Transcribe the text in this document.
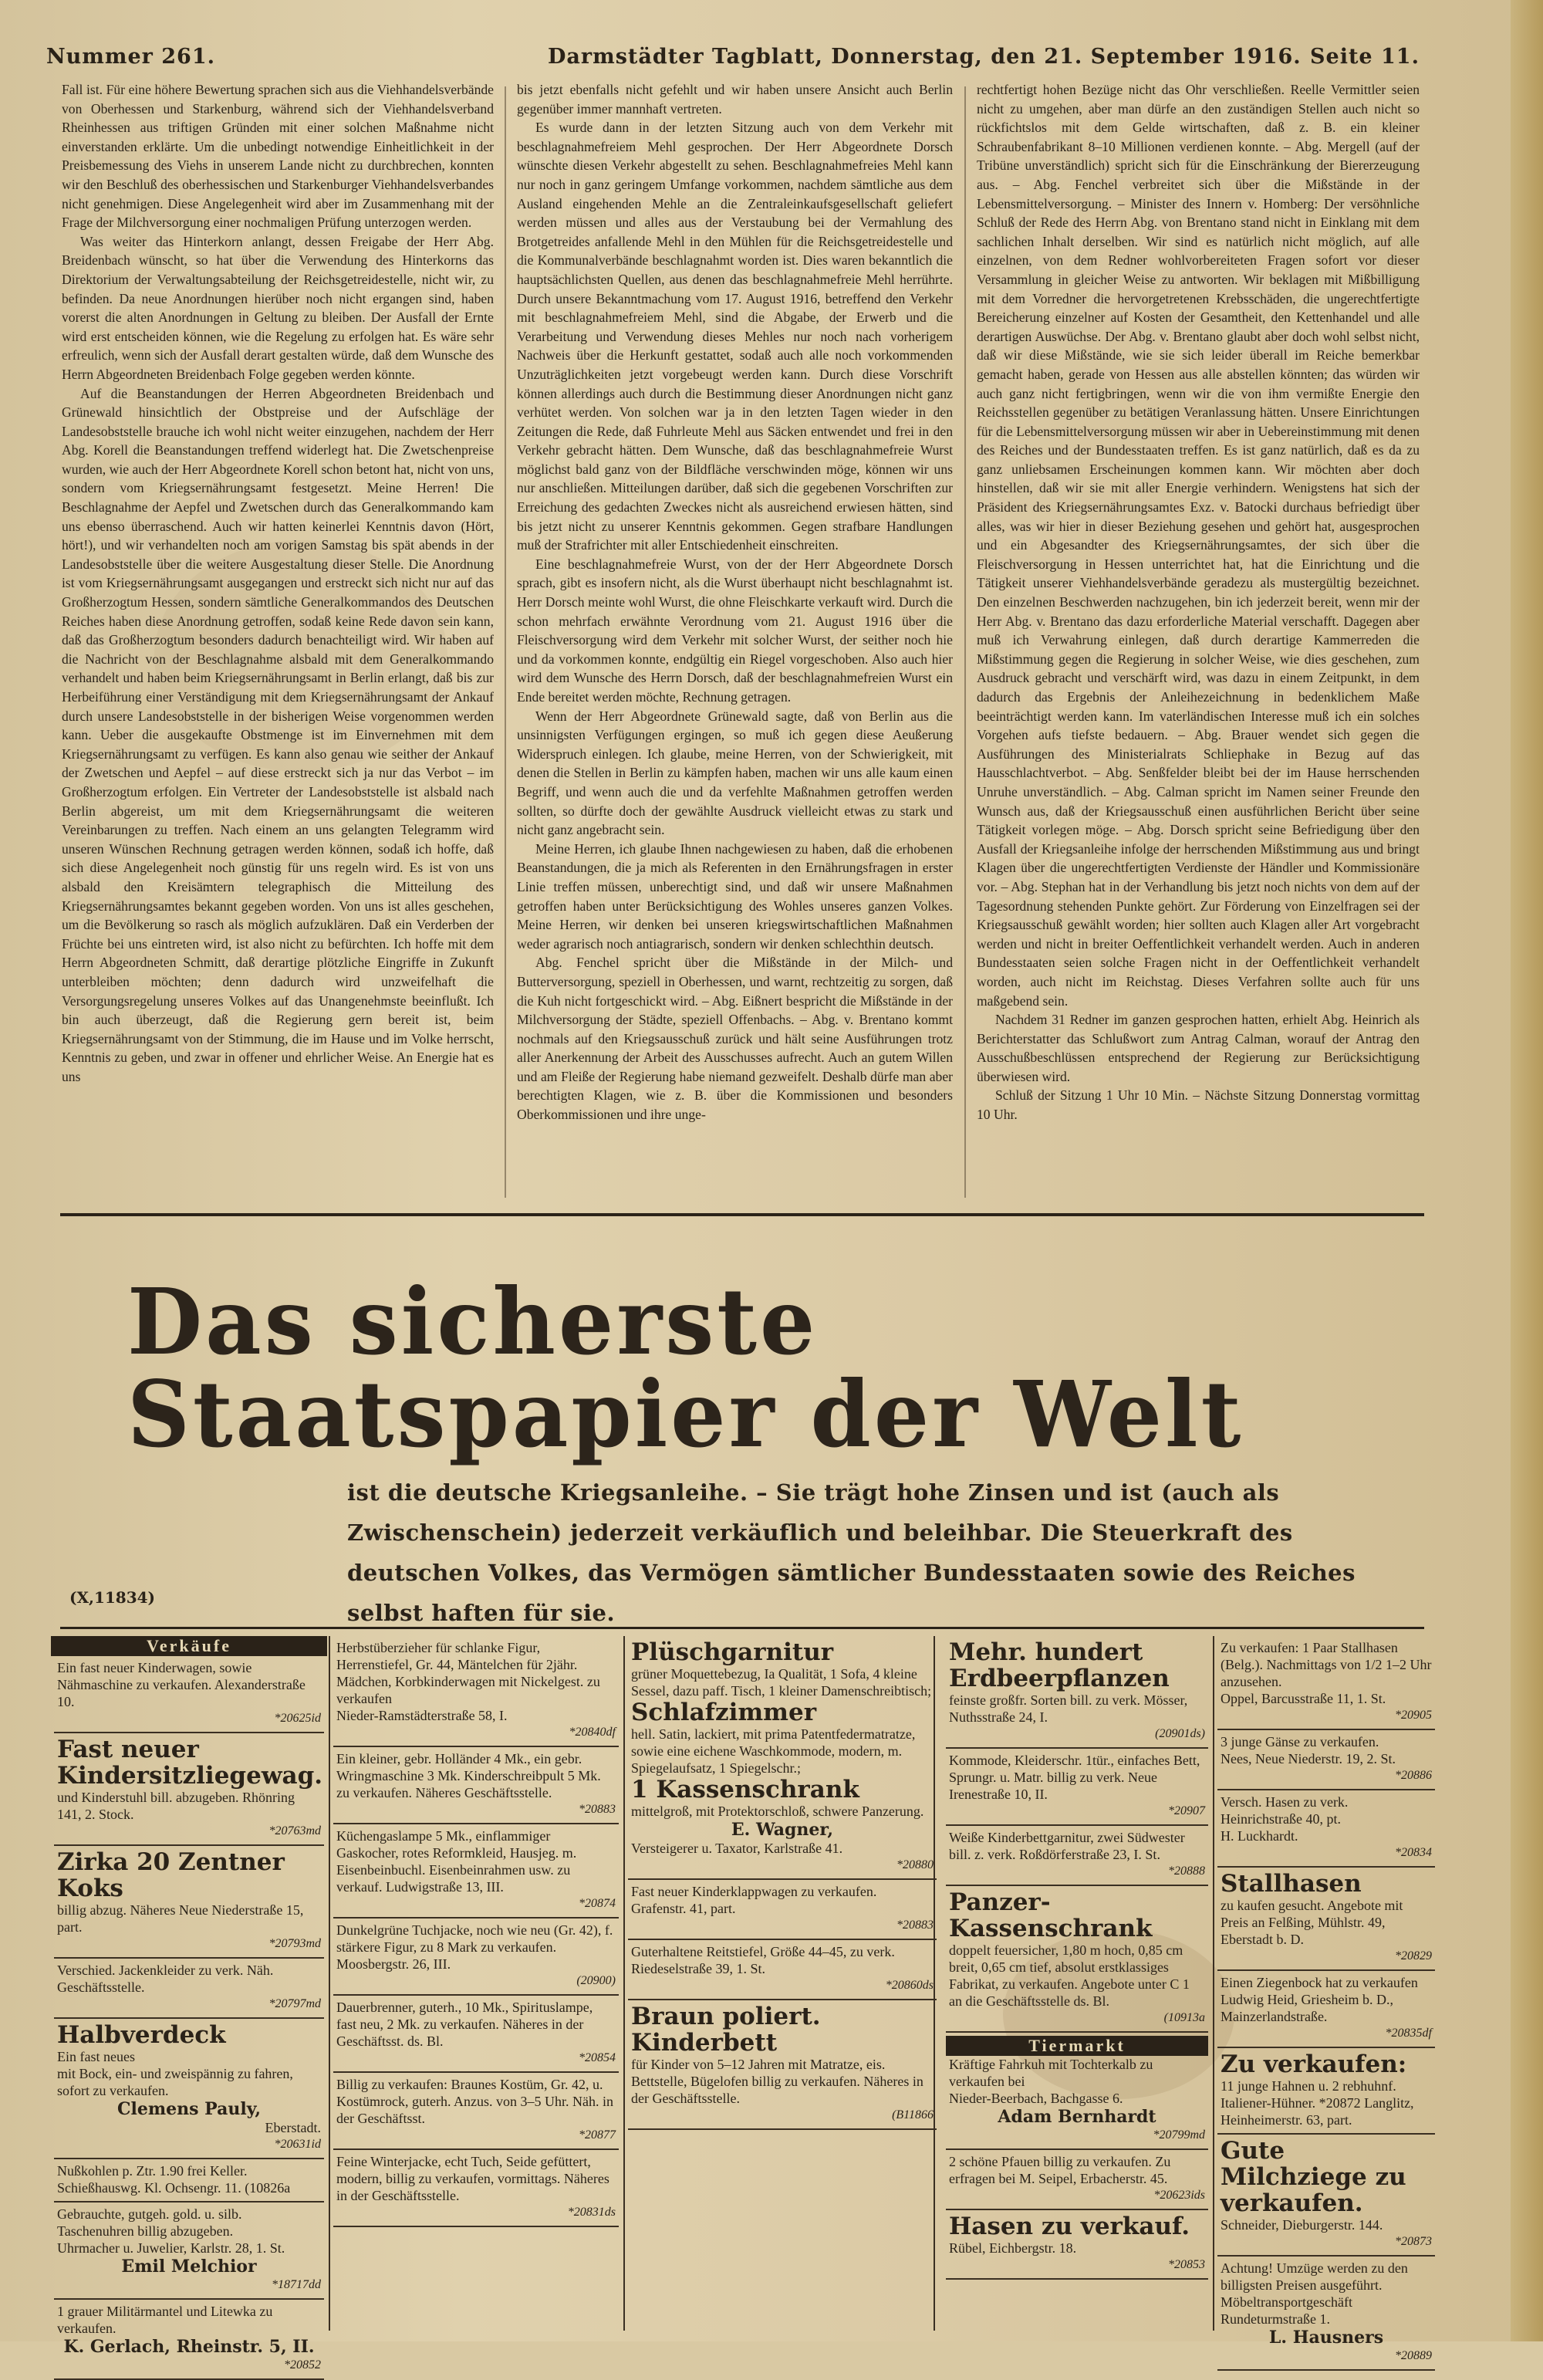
Nummer 261.	Darmstädter Tagblatt, Donnerstag, den 21. September 1916. Seite 11.

Fall ist. Für eine höhere Bewertung sprachen sich aus die Viehhandelsverbände von Oberhessen und Starkenburg, während sich der Viehhandelsverband Rheinhessen aus triftigen Gründen mit einer solchen Maßnahme nicht einverstanden erklärte. Um die unbedingt notwendige Einheitlichkeit in der Preisbemessung des Viehs in unserem Lande nicht zu durchbrechen, konnten wir den Beschluß des oberhessischen und Starkenburger Viehhandelsverbandes nicht genehmigen. Diese Angelegenheit wird aber im Zusammenhang mit der Frage der Milchversorgung einer nochmaligen Prüfung unterzogen werden.

Was weiter das Hinterkorn anlangt, dessen Freigabe der Herr Abg. Breidenbach wünscht, so hat über die Verwendung des Hinterkorns das Direktorium der Verwaltungsabteilung der Reichsgetreidestelle, nicht wir, zu befinden. Da neue Anordnungen hierüber noch nicht ergangen sind, haben vorerst die alten Anordnungen in Geltung zu bleiben. Der Ausfall der Ernte wird erst entscheiden können, wie die Regelung zu erfolgen hat. Es wäre sehr erfreulich, wenn sich der Ausfall derart gestalten würde, daß dem Wunsche des Herrn Abgeordneten Breidenbach Folge gegeben werden könnte.

Auf die Beanstandungen der Herren Abgeordneten Breidenbach und Grünewald hinsichtlich der Obstpreise und der Aufschläge der Landesobststelle brauche ich wohl nicht weiter einzugehen, nachdem der Herr Abg. Korell die Beanstandungen treffend widerlegt hat. Die Zwetschenpreise wurden, wie auch der Herr Abgeordnete Korell schon betont hat, nicht von uns, sondern vom Kriegsernährungsamt festgesetzt. Meine Herren! Die Beschlagnahme der Aepfel und Zwetschen durch das Generalkommando kam uns ebenso überraschend. Auch wir hatten keinerlei Kenntnis davon (Hört, hört!), und wir verhandelten noch am vorigen Samstag bis spät abends in der Landesobststelle über die weitere Ausgestaltung dieser Stelle. Die Anordnung ist vom Kriegsernährungsamt ausgegangen und erstreckt sich nicht nur auf das Großherzogtum Hessen, sondern sämtliche Generalkommandos des Deutschen Reiches haben diese Anordnung getroffen, sodaß keine Rede davon sein kann, daß das Großherzogtum besonders dadurch benachteiligt wird. Wir haben auf die Nachricht von der Beschlagnahme alsbald mit dem Generalkommando verhandelt und haben beim Kriegsernährungsamt in Berlin erlangt, daß bis zur Herbeiführung einer Verständigung mit dem Kriegsernährungsamt der Ankauf durch unsere Landesobststelle in der bisherigen Weise vorgenommen werden kann. Ueber die ausgekaufte Obstmenge ist im Einvernehmen mit dem Kriegsernährungsamt zu verfügen. Es kann also genau wie seither der Ankauf der Zwetschen und Aepfel – auf diese erstreckt sich ja nur das Verbot – im Großherzogtum erfolgen. Ein Vertreter der Landesobststelle ist alsbald nach Berlin abgereist, um mit dem Kriegsernährungsamt die weiteren Vereinbarungen zu treffen. Nach einem an uns gelangten Telegramm wird unseren Wünschen Rechnung getragen werden können, sodaß ich hoffe, daß sich diese Angelegenheit noch günstig für uns regeln wird. Es ist von uns alsbald den Kreisämtern telegraphisch die Mitteilung des Kriegsernährungsamtes bekannt gegeben worden. Von uns ist alles geschehen, um die Bevölkerung so rasch als möglich aufzuklären. Daß ein Verderben der Früchte bei uns eintreten wird, ist also nicht zu befürchten. Ich hoffe mit dem Herrn Abgeordneten Schmitt, daß derartige plötzliche Eingriffe in Zukunft unterbleiben möchten; denn dadurch wird unzweifelhaft die Versorgungsregelung unseres Volkes auf das Unangenehmste beeinflußt. Ich bin auch überzeugt, daß die Regierung gern bereit ist, beim Kriegsernährungsamt von der Stimmung, die im Hause und im Volke herrscht, Kenntnis zu geben, und zwar in offener und ehrlicher Weise. An Energie hat es uns

bis jetzt ebenfalls nicht gefehlt und wir haben unsere Ansicht auch Berlin gegenüber immer mannhaft vertreten.

Es wurde dann in der letzten Sitzung auch von dem Verkehr mit beschlagnahmefreiem Mehl gesprochen. Der Herr Abgeordnete Dorsch wünschte diesen Verkehr abgestellt zu sehen. Beschlagnahmefreies Mehl kann nur noch in ganz geringem Umfange vorkommen, nachdem sämtliche aus dem Ausland eingehenden Mehle an die Zentraleinkaufsgesellschaft geliefert werden müssen und alles aus der Verstaubung bei der Vermahlung des Brotgetreides anfallende Mehl in den Mühlen für die Reichsgetreidestelle und die Kommunalverbände beschlagnahmt worden ist. Dies waren bekanntlich die hauptsächlichsten Quellen, aus denen das beschlagnahmefreie Mehl herrührte. Durch unsere Bekanntmachung vom 17. August 1916, betreffend den Verkehr mit beschlagnahmefreiem Mehl, sind die Abgabe, der Erwerb und die Verarbeitung und Verwendung dieses Mehles nur noch nach vorherigem Nachweis über die Herkunft gestattet, sodaß auch alle noch vorkommenden Unzuträglichkeiten jetzt vorgebeugt werden kann. Durch diese Vorschrift können allerdings auch durch die Bestimmung dieser Anordnungen nicht ganz verhütet werden. Von solchen war ja in den letzten Tagen wieder in den Zeitungen die Rede, daß Fuhrleute Mehl aus Säcken entwendet und frei in den Verkehr gebracht hätten. Dem Wunsche, daß das beschlagnahmefreie Wurst möglichst bald ganz von der Bildfläche verschwinden möge, können wir uns nur anschließen. Mitteilungen darüber, daß sich die gegebenen Vorschriften zur Erreichung des gedachten Zweckes nicht als ausreichend erwiesen hätten, sind bis jetzt nicht zu unserer Kenntnis gekommen. Gegen strafbare Handlungen muß der Strafrichter mit aller Entschiedenheit einschreiten.

Eine beschlagnahmefreie Wurst, von der der Herr Abgeordnete Dorsch sprach, gibt es insofern nicht, als die Wurst überhaupt nicht beschlagnahmt ist. Herr Dorsch meinte wohl Wurst, die ohne Fleischkarte verkauft wird. Durch die schon mehrfach erwähnte Verordnung vom 21. August 1916 über die Fleischversorgung wird dem Verkehr mit solcher Wurst, der seither noch hie und da vorkommen konnte, endgültig ein Riegel vorgeschoben. Also auch hier wird dem Wunsche des Herrn Dorsch, daß der beschlagnahmefreien Wurst ein Ende bereitet werden möchte, Rechnung getragen.

Wenn der Herr Abgeordnete Grünewald sagte, daß von Berlin aus die unsinnigsten Verfügungen ergingen, so muß ich gegen diese Aeußerung Widerspruch einlegen. Ich glaube, meine Herren, von der Schwierigkeit, mit denen die Stellen in Berlin zu kämpfen haben, machen wir uns alle kaum einen Begriff, und wenn auch die und da verfehlte Maßnahmen getroffen werden sollten, so dürfte doch der gewählte Ausdruck vielleicht etwas zu stark und nicht ganz angebracht sein.

Meine Herren, ich glaube Ihnen nachgewiesen zu haben, daß die erhobenen Beanstandungen, die ja mich als Referenten in den Ernährungsfragen in erster Linie treffen müssen, unberechtigt sind, und daß wir unsere Maßnahmen getroffen haben unter Berücksichtigung des Wohles unseres ganzen Volkes. Meine Herren, wir denken bei unseren kriegswirtschaftlichen Maßnahmen weder agrarisch noch antiagrarisch, sondern wir denken schlechthin deutsch.

Abg. Fenchel spricht über die Mißstände in der Milch- und Butterversorgung, speziell in Oberhessen, und warnt, rechtzeitig zu sorgen, daß die Kuh nicht fortgeschickt wird. – Abg. Eißnert bespricht die Mißstände in der Milchversorgung der Städte, speziell Offenbachs. – Abg. v. Brentano kommt nochmals auf den Kriegsausschuß zurück und hält seine Ausführungen trotz aller Anerkennung der Arbeit des Ausschusses aufrecht. Auch an gutem Willen und am Fleiße der Regierung habe niemand gezweifelt. Deshalb dürfe man aber berechtigten Klagen, wie z. B. über die Kommissionen und besonders Oberkommissionen und ihre unge-

rechtfertigt hohen Bezüge nicht das Ohr verschließen. Reelle Vermittler seien nicht zu umgehen, aber man dürfe an den zuständigen Stellen auch nicht so rückfichtslos mit dem Gelde wirtschaften, daß z. B. ein kleiner Schraubenfabrikant 8–10 Millionen verdienen konnte. – Abg. Mergell (auf der Tribüne unverständlich) spricht sich für die Einschränkung der Biererzeugung aus. – Abg. Fenchel verbreitet sich über die Mißstände in der Lebensmittelversorgung. – Minister des Innern v. Homberg: Der versöhnliche Schluß der Rede des Herrn Abg. von Brentano stand nicht in Einklang mit dem sachlichen Inhalt derselben. Wir sind es natürlich nicht möglich, auf alle einzelnen, von dem Redner wohlvorbereiteten Fragen sofort vor dieser Versammlung in gleicher Weise zu antworten. Wir beklagen mit Mißbilligung mit dem Vorredner die hervorgetretenen Krebsschäden, die ungerechtfertigte Bereicherung einzelner auf Kosten der Gesamtheit, den Kettenhandel und alle derartigen Auswüchse. Der Abg. v. Brentano glaubt aber doch wohl selbst nicht, daß wir diese Mißstände, wie sie sich leider überall im Reiche bemerkbar gemacht haben, gerade von Hessen aus alle abstellen könnten; das würden wir auch ganz nicht fertigbringen, wenn wir die von ihm vermißte Energie den Reichsstellen gegenüber zu betätigen Veranlassung hätten. Unsere Einrichtungen für die Lebensmittelversorgung müssen wir aber in Uebereinstimmung mit denen des Reiches und der Bundesstaaten treffen. Es ist ganz natürlich, daß es da zu ganz unliebsamen Erscheinungen kommen kann. Wir möchten aber doch hinstellen, daß wir sie mit aller Energie verhindern. Wenigstens hat sich der Präsident des Kriegsernährungsamtes Exz. v. Batocki durchaus befriedigt über alles, was wir hier in dieser Beziehung gesehen und gehört hat, ausgesprochen und ein Abgesandter des Kriegsernährungsamtes, der sich über die Fleischversorgung in Hessen unterrichtet hat, hat die Einrichtung und die Tätigkeit unserer Viehhandelsverbände geradezu als mustergültig bezeichnet. Den einzelnen Beschwerden nachzugehen, bin ich jederzeit bereit, wenn mir der Herr Abg. v. Brentano das dazu erforderliche Material verschafft. Dagegen aber muß ich Verwahrung einlegen, daß durch derartige Kammerreden die Mißstimmung gegen die Regierung in solcher Weise, wie dies geschehen, zum Ausdruck gebracht und verschärft wird, was dazu in einem Zeitpunkt, in dem dadurch das Ergebnis der Anleihezeichnung in bedenklichem Maße beeinträchtigt werden kann. Im vaterländischen Interesse muß ich ein solches Vorgehen aufs tiefste bedauern. – Abg. Brauer wendet sich gegen die Ausführungen des Ministerialrats Schliephake in Bezug auf das Hausschlachtverbot. – Abg. Senßfelder bleibt bei der im Hause herrschenden Unruhe unverständlich. – Abg. Calman spricht im Namen seiner Freunde den Wunsch aus, daß der Kriegsausschuß einen ausführlichen Bericht über seine Tätigkeit vorlegen möge. – Abg. Dorsch spricht seine Befriedigung über den Ausfall der Kriegsanleihe infolge der herrschenden Mißstimmung aus und bringt Klagen über die ungerechtfertigten Verdienste der Händler und Kommissionäre vor. – Abg. Stephan hat in der Verhandlung bis jetzt noch nichts von dem auf der Tagesordnung stehenden Punkte gehört. Zur Förderung von Einzelfragen sei der Kriegsausschuß gewählt worden; hier sollten auch Klagen aller Art vorgebracht werden und nicht in breiter Oeffentlichkeit verhandelt werden. Auch in anderen Bundesstaaten seien solche Fragen nicht in der Oeffentlichkeit verhandelt worden, auch nicht im Reichstag. Dieses Verfahren sollte auch für uns maßgebend sein.

Nachdem 31 Redner im ganzen gesprochen hatten, erhielt Abg. Heinrich als Berichterstatter das Schlußwort zum Antrag Calman, worauf der Antrag den Ausschußbeschlüssen entsprechend der Regierung zur Berücksichtigung überwiesen wird.

Schluß der Sitzung 1 Uhr 10 Min. – Nächste Sitzung Donnerstag vormittag 10 Uhr.

Das sicherste
Staatspapier der Welt
ist die deutsche Kriegsanleihe. – Sie trägt hohe Zinsen und ist (auch als Zwischenschein) jederzeit verkäuflich und beleihbar. Die Steuerkraft des deutschen Volkes, das Vermögen sämtlicher Bundesstaaten sowie des Reiches selbst haften für sie.
(X,11834)
Verkäufe
Ein fast neuer Kinderwagen, sowie Nähmaschine zu verkaufen. Alexanderstraße 10.
*20625id
Fast neuer Kindersitzliegewag.
und Kinderstuhl bill. abzugeben. Rhönring 141, 2. Stock.
*20763md
Zirka 20 Zentner Koks
billig abzug. Näheres Neue Niederstraße 15, part.
*20793md
Verschied. Jackenkleider zu verk. Näh. Geschäftsstelle.
*20797md
Halbverdeck
Ein fast neues
mit Bock, ein- und zweispännig zu fahren, sofort zu verkaufen.
Clemens Pauly,
Eberstadt.
*20631id
Nußkohlen p. Ztr. 1.90 frei Keller. Schießhauswg. Kl. Ochsengr. 11. (10826a
Gebrauchte, gutgeh. gold. u. silb. Taschenuhren billig abzugeben.
Uhrmacher u. Juwelier, Karlstr. 28, 1. St.
Emil Melchior
*18717dd
1 grauer Militärmantel und Litewka zu verkaufen.
K. Gerlach, Rheinstr. 5, II.
*20852
Herbstüberzieher für schlanke Figur, Herrenstiefel, Gr. 44, Mäntelchen für 2jähr. Mädchen, Korbkinderwagen mit Nickelgest. zu verkaufen
Nieder-Ramstädterstraße 58, I.
*20840df
Ein kleiner, gebr. Holländer 4 Mk., ein gebr. Wringmaschine 3 Mk. Kinderschreibpult 5 Mk. zu verkaufen. Näheres Geschäftsstelle.
*20883
Küchengaslampe 5 Mk., einflammiger Gaskocher, rotes Reformkleid, Hausjeg. m. Eisenbeinbuchl. Eisenbeinrahmen usw. zu verkauf. Ludwigstraße 13, III.
*20874
Dunkelgrüne Tuchjacke, noch wie neu (Gr. 42), f. stärkere Figur, zu 8 Mark zu verkaufen. Moosbergstr. 26, III.
(20900)
Dauerbrenner, guterh., 10 Mk., Spirituslampe, fast neu, 2 Mk. zu verkaufen. Näheres in der Geschäftsst. ds. Bl.
*20854
Billig zu verkaufen: Braunes Kostüm, Gr. 42, u. Kostümrock, guterh. Anzus. von 3–5 Uhr. Näh. in der Geschäftsst.
*20877
Feine Winterjacke, echt Tuch, Seide gefüttert, modern, billig zu verkaufen, vormittags. Näheres in der Geschäftsstelle.
*20831ds
Plüschgarnitur
grüner Moquettebezug, Ia Qualität, 1 Sofa, 4 kleine Sessel, dazu paff. Tisch, 1 kleiner Damenschreibtisch;
Schlafzimmer
hell. Satin, lackiert, mit prima Patentfedermatratze, sowie eine eichene Waschkommode, modern, m. Spiegelaufsatz, 1 Spiegelschr.;
1 Kassenschrank
mittelgroß, mit Protektorschloß, schwere Panzerung.
E. Wagner,
Versteigerer u. Taxator, Karlstraße 41.
*20880
Fast neuer Kinderklappwagen zu verkaufen. Grafenstr. 41, part.
*20883
Guterhaltene Reitstiefel, Größe 44–45, zu verk. Riedeselstraße 39, 1. St.
*20860ds
Braun poliert. Kinderbett
für Kinder von 5–12 Jahren mit Matratze, eis. Bettstelle, Bügelofen billig zu verkaufen. Näheres in der Geschäftsstelle.
(B11866
Mehr. hundert Erdbeerpflanzen
feinste großfr. Sorten bill. zu verk. Mösser, Nuthsstraße 24, I.
(20901ds)
Kommode, Kleiderschr. 1tür., einfaches Bett, Sprungr. u. Matr. billig zu verk. Neue Irenestraße 10, II.
*20907
Weiße Kinderbettgarnitur, zwei Südwester bill. z. verk. Roßdörferstraße 23, I. St.
*20888
Panzer-Kassenschrank
doppelt feuersicher, 1,80 m hoch, 0,85 cm breit, 0,65 cm tief, absolut erstklassiges Fabrikat, zu verkaufen. Angebote unter C 1 an die Geschäftsstelle ds. Bl.
(10913a
Tiermarkt
Kräftige Fahrkuh mit Tochterkalb zu verkaufen bei
Nieder-Beerbach, Bachgasse 6.
Adam Bernhardt
*20799md
2 schöne Pfauen billig zu verkaufen. Zu erfragen bei M. Seipel, Erbacherstr. 45.
*20623ids
Hasen zu verkauf.
Rübel, Eichbergstr. 18.
*20853
Zu verkaufen: 1 Paar Stallhasen (Belg.). Nachmittags von 1/2 1–2 Uhr anzusehen.
Oppel, Barcusstraße 11, 1. St.
*20905
3 junge Gänse zu verkaufen.
Nees, Neue Niederstr. 19, 2. St.
*20886
Versch. Hasen zu verk. Heinrichstraße 40, pt.
H. Luckhardt.
*20834
Stallhasen
zu kaufen gesucht. Angebote mit Preis an Felßing, Mühlstr. 49, Eberstadt b. D.
*20829
Einen Ziegenbock hat zu verkaufen Ludwig Heid, Griesheim b. D., Mainzerlandstraße.
*20835df
Zu verkaufen:
11 junge Hahnen u. 2 rebhuhnf. Italiener-Hühner. *20872 Langlitz, Heinheimerstr. 63, part.
Gute Milchziege zu verkaufen.
Schneider, Dieburgerstr. 144.
*20873
Achtung! Umzüge werden zu den billigsten Preisen ausgeführt.
Möbeltransportgeschäft Rundeturmstraße 1.
L. Hausners
*20889
